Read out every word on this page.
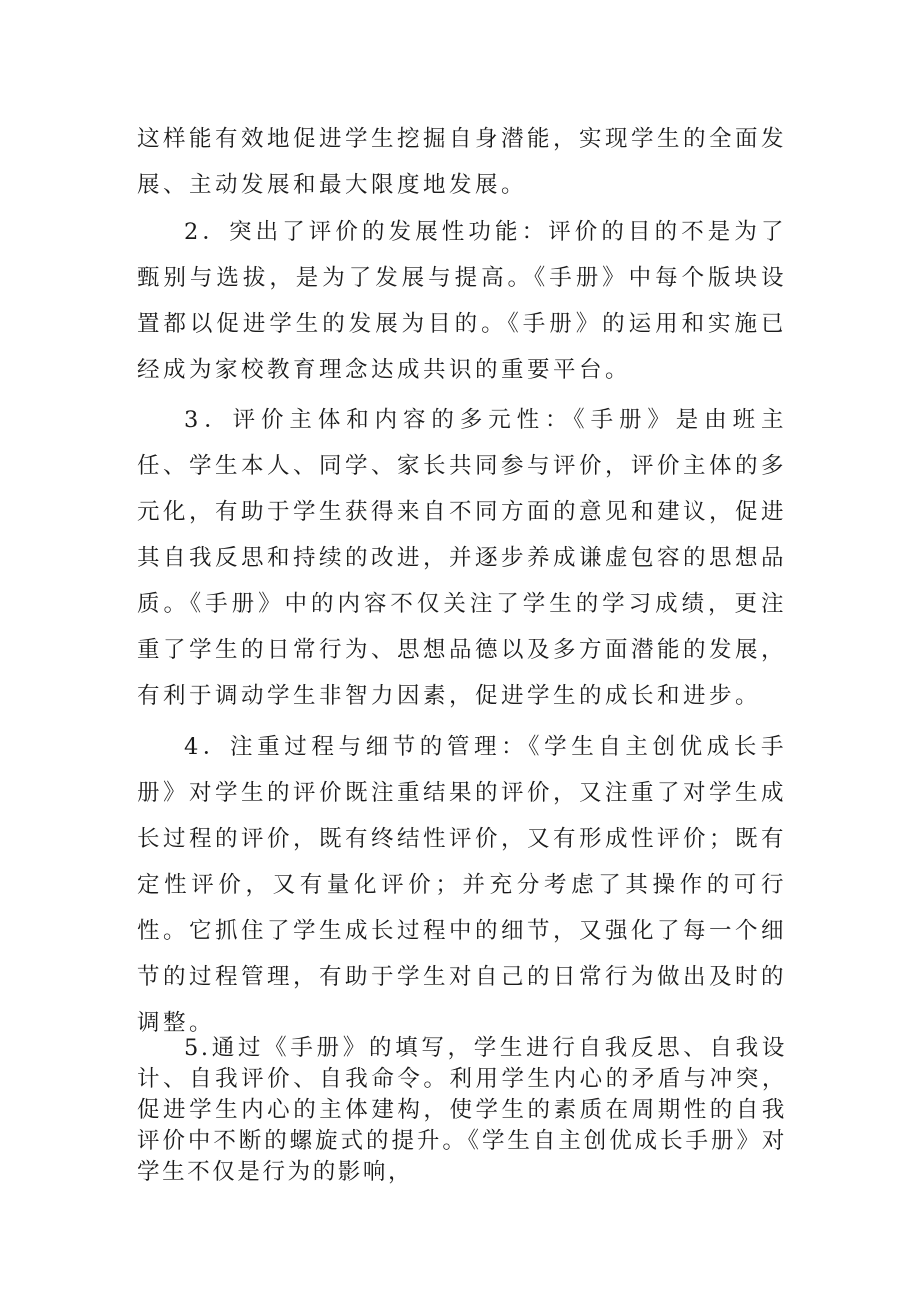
这样能有效地促进学生挖掘自身潜能，实现学生的全面发展、主动发展和最大限度地发展。

2．突出了评价的发展性功能：评价的目的不是为了甄别与选拔，是为了发展与提高。《手册》中每个版块设置都以促进学生的发展为目的。《手册》的运用和实施已经成为家校教育理念达成共识的重要平台。

3．评价主体和内容的多元性：《手册》是由班主任、学生本人、同学、家长共同参与评价，评价主体的多元化，有助于学生获得来自不同方面的意见和建议，促进其自我反思和持续的改进，并逐步养成谦虚包容的思想品质。《手册》中的内容不仅关注了学生的学习成绩，更注重了学生的日常行为、思想品德以及多方面潜能的发展，有利于调动学生非智力因素，促进学生的成长和进步。

4．注重过程与细节的管理：《学生自主创优成长手册》对学生的评价既注重结果的评价，又注重了对学生成长过程的评价，既有终结性评价，又有形成性评价；既有定性评价，又有量化评价；并充分考虑了其操作的可行性。它抓住了学生成长过程中的细节，又强化了每一个细节的过程管理，有助于学生对自己的日常行为做出及时的调整。

5.通过《手册》的填写，学生进行自我反思、自我设计、自我评价、自我命令。利用学生内心的矛盾与冲突，促进学生内心的主体建构，使学生的素质在周期性的自我评价中不断的螺旋式的提升。《学生自主创优成长手册》对学生不仅是行为的影响，
